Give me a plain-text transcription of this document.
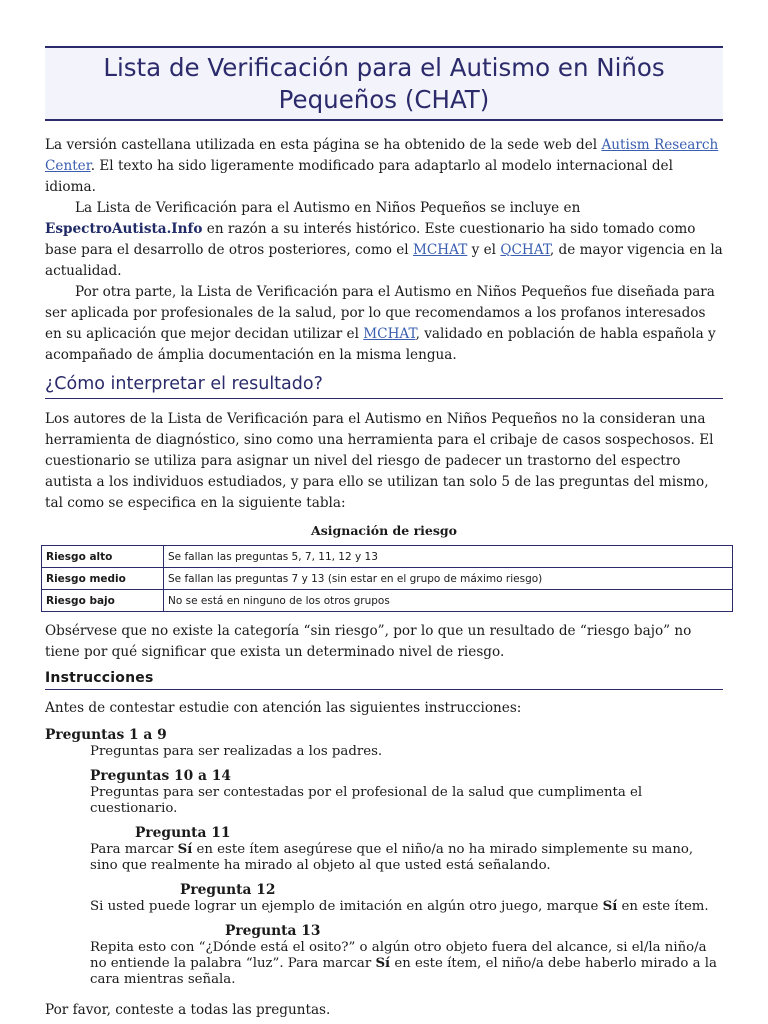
Lista de Verificación para el Autismo en Niños Pequeños (CHAT)

La versión castellana utilizada en esta página se ha obtenido de la sede web del Autism Research Center. El texto ha sido ligeramente modificado para adaptarlo al modelo internacional del idioma.

La Lista de Verificación para el Autismo en Niños Pequeños se incluye en EspectroAutista.Info en razón a su interés histórico. Este cuestionario ha sido tomado como base para el desarrollo de otros posteriores, como el MCHAT y el QCHAT, de mayor vigencia en la actualidad.

Por otra parte, la Lista de Verificación para el Autismo en Niños Pequeños fue diseñada para ser aplicada por profesionales de la salud, por lo que recomendamos a los profanos interesados en su aplicación que mejor decidan utilizar el MCHAT, validado en población de habla española y acompañado de ámplia documentación en la misma lengua.

¿Cómo interpretar el resultado?

Los autores de la Lista de Verificación para el Autismo en Niños Pequeños no la consideran una herramienta de diagnóstico, sino como una herramienta para el cribaje de casos sospechosos. El cuestionario se utiliza para asignar un nivel del riesgo de padecer un trastorno del espectro autista a los individuos estudiados, y para ello se utilizan tan solo 5 de las preguntas del mismo, tal como se especifica en la siguiente tabla:

Asignación de riesgo
Riesgo alto	Se fallan las preguntas 5, 7, 11, 12 y 13
Riesgo medio	Se fallan las preguntas 7 y 13 (sin estar en el grupo de máximo riesgo)
Riesgo bajo	No se está en ninguno de los otros grupos

Obsérvese que no existe la categoría “sin riesgo”, por lo que un resultado de “riesgo bajo” no tiene por qué significar que exista un determinado nivel de riesgo.

Instrucciones

Antes de contestar estudie con atención las siguientes instrucciones:

Preguntas 1 a 9
Preguntas para ser realizadas a los padres.
Preguntas 10 a 14
Preguntas para ser contestadas por el profesional de la salud que cumplimenta el cuestionario.
Pregunta 11
Para marcar Sí en este ítem asegúrese que el niño/a no ha mirado simplemente su mano, sino que realmente ha mirado al objeto al que usted está señalando.
Pregunta 12
Si usted puede lograr un ejemplo de imitación en algún otro juego, marque Sí en este ítem.
Pregunta 13
Repita esto con “¿Dónde está el osito?” o algún otro objeto fuera del alcance, si el/la niño/a no entiende la palabra “luz”. Para marcar Sí en este ítem, el niño/a debe haberlo mirado a la cara mientras señala.

Por favor, conteste a todas las preguntas.
